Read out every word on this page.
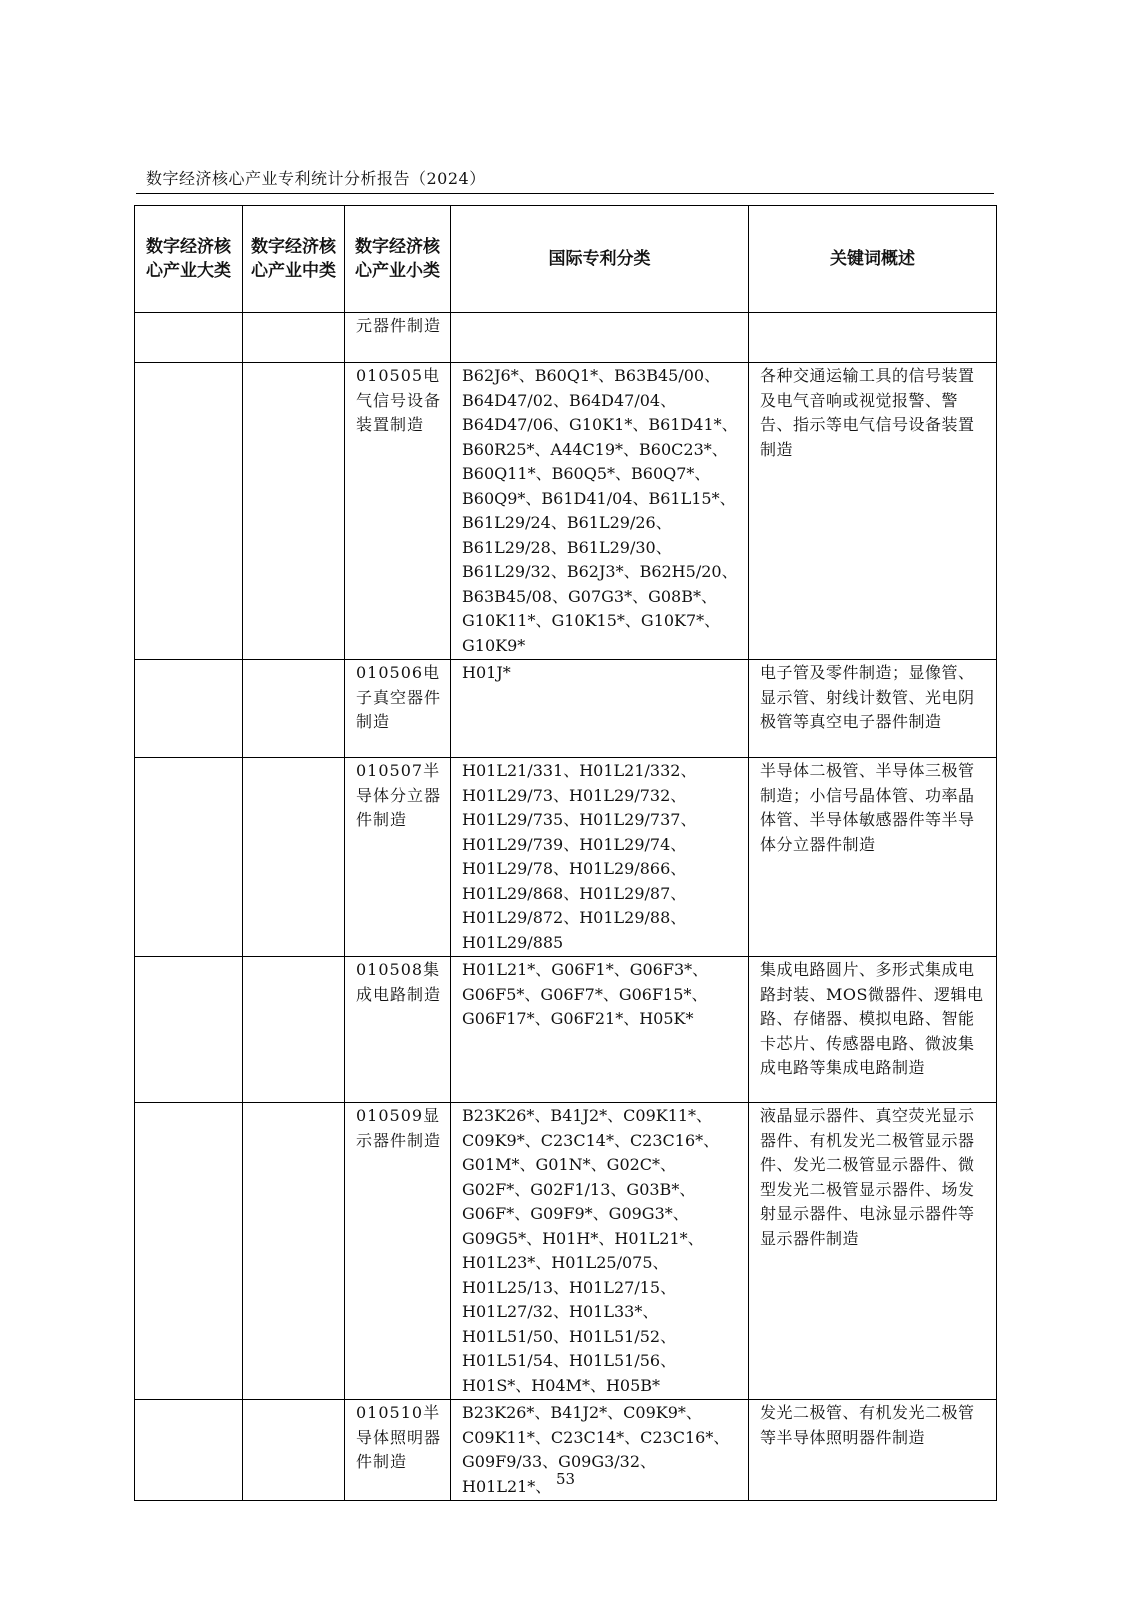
数字经济核心产业专利统计分析报告（2024）
数字经济核心产业大类	数字经济核心产业中类	数字经济核心产业小类	国际专利分类	关键词概述
		元器件制造		
		010505电气信号设备装置制造	B62J6*、B60Q1*、B63B45/00、B64D47/02、B64D47/04、B64D47/06、G10K1*、B61D41*、B60R25*、A44C19*、B60C23*、B60Q11*、B60Q5*、B60Q7*、B60Q9*、B61D41/04、B61L15*、B61L29/24、B61L29/26、B61L29/28、B61L29/30、B61L29/32、B62J3*、B62H5/20、B63B45/08、G07G3*、G08B*、G10K11*、G10K15*、G10K7*、G10K9*	各种交通运输工具的信号装置及电气音响或视觉报警、警告、指示等电气信号设备装置制造
		010506电子真空器件制造	H01J*	电子管及零件制造；显像管、显示管、射线计数管、光电阴极管等真空电子器件制造
		010507半导体分立器件制造	H01L21/331、H01L21/332、H01L29/73、H01L29/732、H01L29/735、H01L29/737、H01L29/739、H01L29/74、H01L29/78、H01L29/866、H01L29/868、H01L29/87、H01L29/872、H01L29/88、H01L29/885	半导体二极管、半导体三极管制造；小信号晶体管、功率晶体管、半导体敏感器件等半导体分立器件制造
		010508集成电路制造	H01L21*、G06F1*、G06F3*、G06F5*、G06F7*、G06F15*、G06F17*、G06F21*、H05K*	集成电路圆片、多形式集成电路封装、MOS微器件、逻辑电路、存储器、模拟电路、智能卡芯片、传感器电路、微波集成电路等集成电路制造
		010509显示器件制造	B23K26*、B41J2*、C09K11*、C09K9*、C23C14*、C23C16*、G01M*、G01N*、G02C*、G02F*、G02F1/13、G03B*、G06F*、G09F9*、G09G3*、G09G5*、H01H*、H01L21*、H01L23*、H01L25/075、H01L25/13、H01L27/15、H01L27/32、H01L33*、H01L51/50、H01L51/52、H01L51/54、H01L51/56、H01S*、H04M*、H05B*	液晶显示器件、真空荧光显示器件、有机发光二极管显示器件、发光二极管显示器件、微型发光二极管显示器件、场发射显示器件、电泳显示器件等显示器件制造
		010510半导体照明器件制造	B23K26*、B41J2*、C09K9*、C09K11*、C23C14*、C23C16*、G09F9/33、G09G3/32、H01L21*、	发光二极管、有机发光二极管等半导体照明器件制造
53
